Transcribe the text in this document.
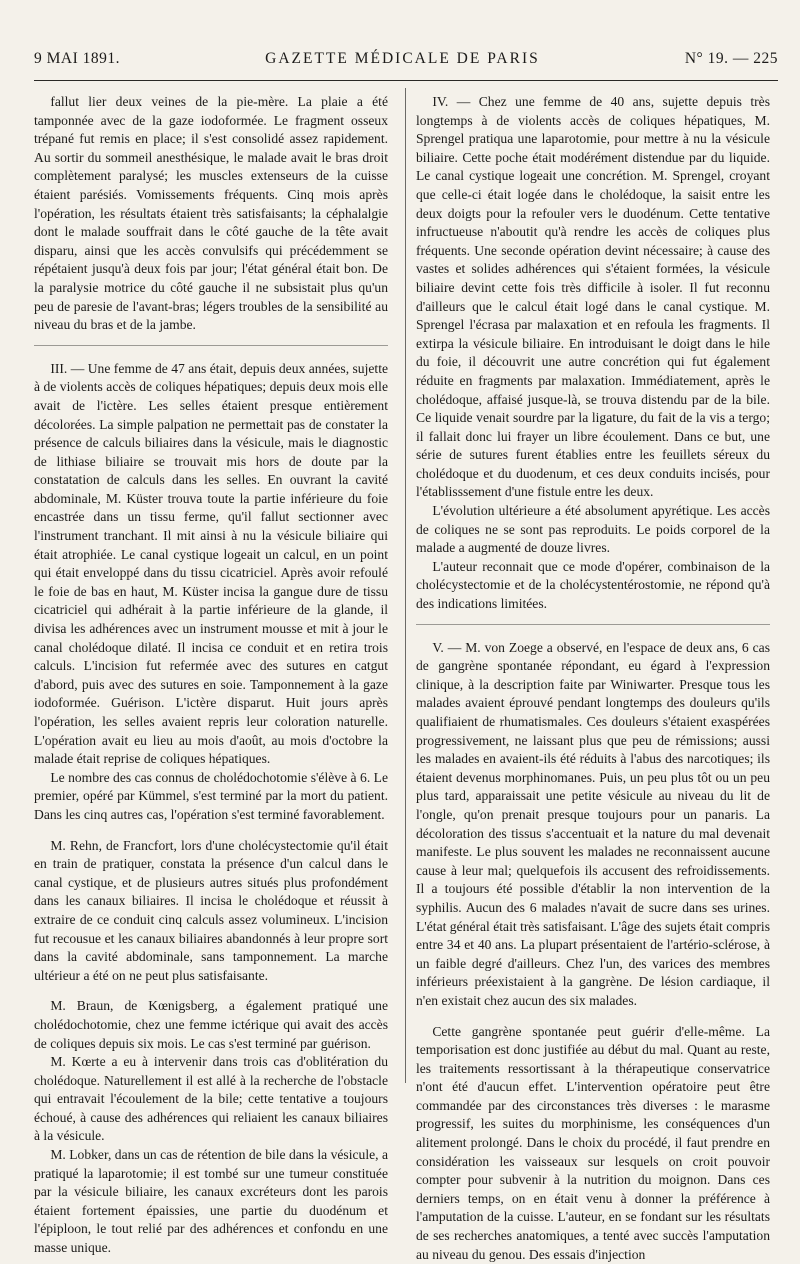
9 MAI 1891.	GAZETTE MÉDICALE DE PARIS	N° 19. — 225

fallut lier deux veines de la pie-mère. La plaie a été tamponnée avec de la gaze iodoformée. Le fragment osseux trépané fut remis en place; il s'est consolidé assez rapidement. Au sortir du sommeil anesthésique, le malade avait le bras droit complètement paralysé; les muscles extenseurs de la cuisse étaient parésiés. Vomissements fréquents. Cinq mois après l'opération, les résultats étaient très satisfaisants; la céphalalgie dont le malade souffrait dans le côté gauche de la tête avait disparu, ainsi que les accès convulsifs qui précédemment se répétaient jusqu'à deux fois par jour; l'état général était bon. De la paralysie motrice du côté gauche il ne subsistait plus qu'un peu de paresie de l'avant-bras; légers troubles de la sensibilité au niveau du bras et de la jambe.

III. — Une femme de 47 ans était, depuis deux années, sujette à de violents accès de coliques hépatiques; depuis deux mois elle avait de l'ictère. Les selles étaient presque entièrement décolorées. La simple palpation ne permettait pas de constater la présence de calculs biliaires dans la vésicule, mais le diagnostic de lithiase biliaire se trouvait mis hors de doute par la constatation de calculs dans les selles. En ouvrant la cavité abdominale, M. Küster trouva toute la partie inférieure du foie encastrée dans un tissu ferme, qu'il fallut sectionner avec l'instrument tranchant. Il mit ainsi à nu la vésicule biliaire qui était atrophiée. Le canal cystique logeait un calcul, en un point qui était enveloppé dans du tissu cicatriciel. Après avoir refoulé le foie de bas en haut, M. Küster incisa la gangue dure de tissu cicatriciel qui adhérait à la partie inférieure de la glande, il divisa les adhérences avec un instrument mousse et mit à jour le canal cholédoque dilaté. Il incisa ce conduit et en retira trois calculs. L'incision fut refermée avec des sutures en catgut d'abord, puis avec des sutures en soie. Tamponnement à la gaze iodoformée. Guérison. L'ictère disparut. Huit jours après l'opération, les selles avaient repris leur coloration naturelle. L'opération avait eu lieu au mois d'août, au mois d'octobre la malade était reprise de coliques hépatiques.

Le nombre des cas connus de cholédochotomie s'élève à 6. Le premier, opéré par Kümmel, s'est terminé par la mort du patient. Dans les cinq autres cas, l'opération s'est terminé favorablement.

M. Rehn, de Francfort, lors d'une cholécystectomie qu'il était en train de pratiquer, constata la présence d'un calcul dans le canal cystique, et de plusieurs autres situés plus profondément dans les canaux biliaires. Il incisa le cholédoque et réussit à extraire de ce conduit cinq calculs assez volumineux. L'incision fut recousue et les canaux biliaires abandonnés à leur propre sort dans la cavité abdominale, sans tamponnement. La marche ultérieur a été on ne peut plus satisfaisante.

M. Braun, de Kœnigsberg, a également pratiqué une cholédochotomie, chez une femme ictérique qui avait des accès de coliques depuis six mois. Le cas s'est terminé par guérison.

M. Kœrte a eu à intervenir dans trois cas d'oblitération du cholédoque. Naturellement il est allé à la recherche de l'obstacle qui entravait l'écoulement de la bile; cette tentative a toujours échoué, à cause des adhérences qui reliaient les canaux biliaires à la vésicule.

M. Lobker, dans un cas de rétention de bile dans la vésicule, a pratiqué la laparotomie; il est tombé sur une tumeur constituée par la vésicule biliaire, les canaux excréteurs dont les parois étaient fortement épaissies, une partie du duodénum et l'épiploon, le tout relié par des adhérences et confondu en une masse unique.

IV. — Chez une femme de 40 ans, sujette depuis très longtemps à de violents accès de coliques hépatiques, M. Sprengel pratiqua une laparotomie, pour mettre à nu la vésicule biliaire. Cette poche était modérément distendue par du liquide. Le canal cystique logeait une concrétion. M. Sprengel, croyant que celle-ci était logée dans le cholédoque, la saisit entre les deux doigts pour la refouler vers le duodénum. Cette tentative infructueuse n'aboutit qu'à rendre les accès de coliques plus fréquents. Une seconde opération devint nécessaire; à cause des vastes et solides adhérences qui s'étaient formées, la vésicule biliaire devint cette fois très difficile à isoler. Il fut reconnu d'ailleurs que le calcul était logé dans le canal cystique. M. Sprengel l'écrasa par malaxation et en refoula les fragments. Il extirpa la vésicule biliaire. En introduisant le doigt dans le hile du foie, il découvrit une autre concrétion qui fut également réduite en fragments par malaxation. Immédiatement, après le cholédoque, affaisé jusque-là, se trouva distendu par de la bile. Ce liquide venait sourdre par la ligature, du fait de la vis a tergo; il fallait donc lui frayer un libre écoulement. Dans ce but, une série de sutures furent établies entre les feuillets séreux du cholédoque et du duodenum, et ces deux conduits incisés, pour l'établisssement d'une fistule entre les deux.

L'évolution ultérieure a été absolument apyrétique. Les accès de coliques ne se sont pas reproduits. Le poids corporel de la malade a augmenté de douze livres.

L'auteur reconnait que ce mode d'opérer, combinaison de la cholécystectomie et de la cholécystentérostomie, ne répond qu'à des indications limitées.

V. — M. von Zoege a observé, en l'espace de deux ans, 6 cas de gangrène spontanée répondant, eu égard à l'expression clinique, à la description faite par Winiwarter. Presque tous les malades avaient éprouvé pendant longtemps des douleurs qu'ils qualifiaient de rhumatismales. Ces douleurs s'étaient exaspérées progressivement, ne laissant plus que peu de rémissions; aussi les malades en avaient-ils été réduits à l'abus des narcotiques; ils étaient devenus morphinomanes. Puis, un peu plus tôt ou un peu plus tard, apparaissait une petite vésicule au niveau du lit de l'ongle, qu'on prenait presque toujours pour un panaris. La décoloration des tissus s'accentuait et la nature du mal devenait manifeste. Le plus souvent les malades ne reconnaissent aucune cause à leur mal; quelquefois ils accusent des refroidissements. Il a toujours été possible d'établir la non intervention de la syphilis. Aucun des 6 malades n'avait de sucre dans ses urines. L'état général était très satisfaisant. L'âge des sujets était compris entre 34 et 40 ans. La plupart présentaient de l'artério-sclérose, à un faible degré d'ailleurs. Chez l'un, des varices des membres inférieurs préexistaient à la gangrène. De lésion cardiaque, il n'en existait chez aucun des six malades.

Cette gangrène spontanée peut guérir d'elle-même. La temporisation est donc justifiée au début du mal. Quant au reste, les traitements ressortissant à la thérapeutique conservatrice n'ont été d'aucun effet. L'intervention opératoire peut être commandée par des circonstances très diverses : le marasme progressif, les suites du morphinisme, les conséquences d'un alitement prolongé. Dans le choix du procédé, il faut prendre en considération les vaisseaux sur lesquels on croit pouvoir compter pour subvenir à la nutrition du moignon. Dans ces derniers temps, on en était venu à donner la préférence à l'amputation de la cuisse. L'auteur, en se fondant sur les résultats de ses recherches anatomiques, a tenté avec succès l'amputation au niveau du genou. Des essais d'injection
